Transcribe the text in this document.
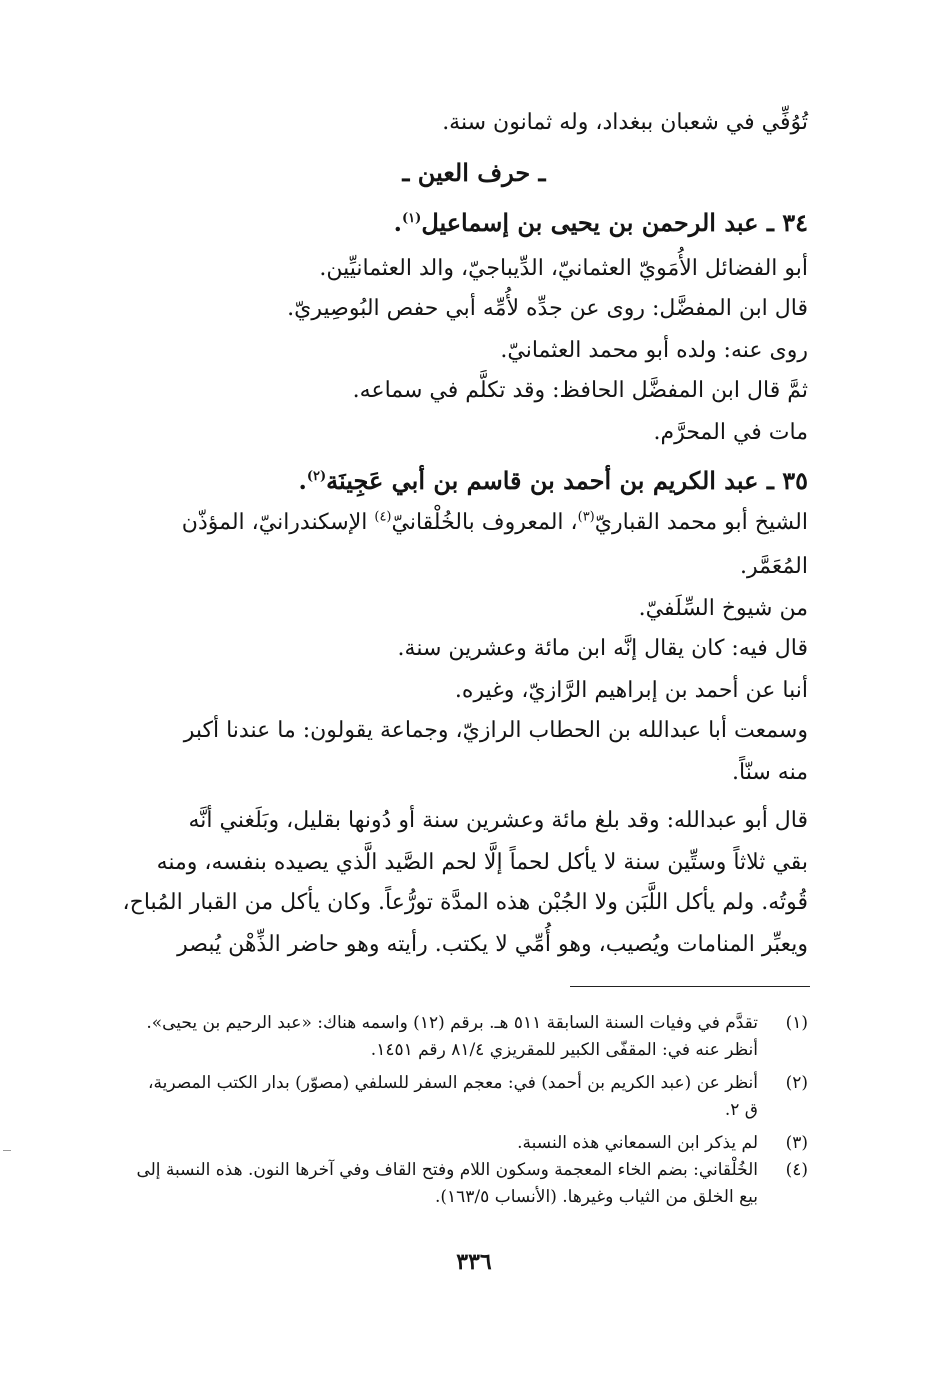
تُوُفِّي في شعبان ببغداد، وله ثمانون سنة.
ـ حرف العين ـ
٣٤ ـ عبد الرحمن بن يحيى بن إسماعيل$^{(١)}$.
أبو الفضائل الأُمَويّ العثمانيّ، الدِّيباجيّ، والد العثمانيِّين.
قال ابن المفضَّل: روى عن جدِّه لأُمِّه أبي حفص البُوصِيريّ.
روى عنه: ولده أبو محمد العثمانيّ.
ثمَّ قال ابن المفضَّل الحافظ: وقد تكلَّم في سماعه.
مات في المحرَّم.
٣٥ ـ عبد الكريم بن أحمد بن قاسم بن أبي عَجِينَة$^{(٢)}$.
الشيخ أبو محمد القباريّ$^{(٣)}$، المعروف بالخُلْقانيّ$^{(٤)}$ الإسكندرانيّ، المؤذّن
المُعَمَّر.
من شيوخ السِّلَفيّ.
قال فيه: كان يقال إنَّه ابن مائة وعشرين سنة.
أنبا عن أحمد بن إبراهيم الرَّازيّ، وغيره.
وسمعت أبا عبدالله بن الحطاب الرازيّ، وجماعة يقولون: ما عندنا أكبر
منه سنّاً.
قال أبو عبدالله: وقد بلغ مائة وعشرين سنة أو دُونها بقليل، وبَلَغني أنَّه
بقي ثلاثاً وستِّين سنة لا يأكل لحماً إلَّا لحم الصَّيد الَّذي يصيده بنفسه، ومنه
قُوتُه. ولم يأكل اللَّبَن ولا الجُبْن هذه المدَّة تورُّعاً. وكان يأكل من القبار المُباح،
ويعبِّر المنامات ويُصيب، وهو أُمِّي لا يكتب. رأيته وهو حاضر الذِّهْن يُبصر
(١)
تقدَّم في وفيات السنة السابقة ٥١١ هـ. برقم (١٢) واسمه هناك: «عبد الرحيم بن يحيى».
أنظر عنه في: المقفّى الكبير للمقريزي ٨١/٤ رقم ١٤٥١.
(٢)
أنظر عن (عبد الكريم بن أحمد) في: معجم السفر للسلفي (مصوّر) بدار الكتب المصرية،
ق ٢.
(٣)
لم يذكر ابن السمعاني هذه النسبة.
(٤)
الخُلْقاني: بضم الخاء المعجمة وسكون اللام وفتح القاف وفي آخرها النون. هذه النسبة إلى
بيع الخلق من الثياب وغيرها. (الأنساب ١٦٣/٥).
٣٣٦
